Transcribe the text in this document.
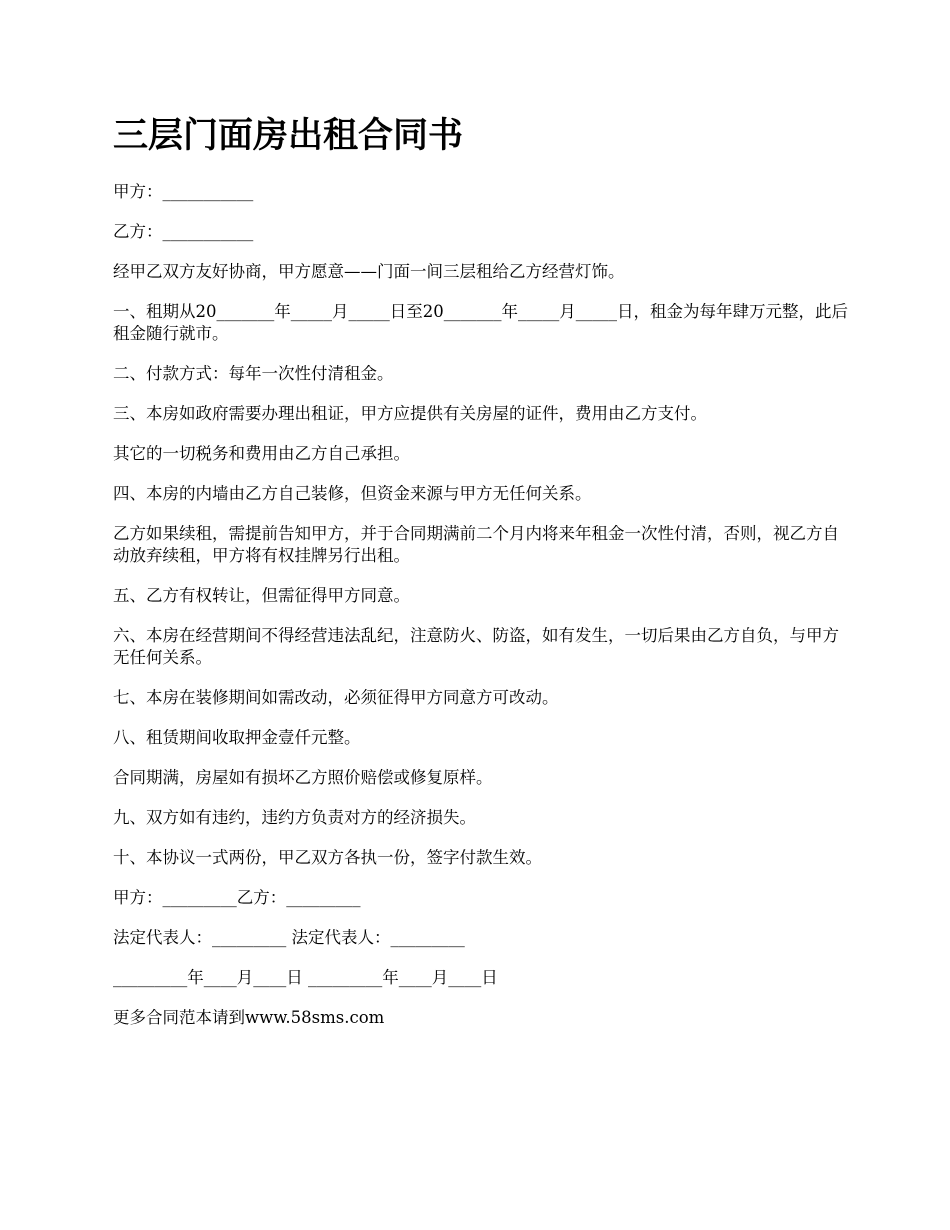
三层门面房出租合同书

甲方：___________

乙方：___________

经甲乙双方友好协商，甲方愿意——门面一间三层租给乙方经营灯饰。

一、租期从20_______年_____月_____日至20_______年_____月_____日，租金为每年肆万元整，此后租金随行就市。

二、付款方式：每年一次性付清租金。

三、本房如政府需要办理出租证，甲方应提供有关房屋的证件，费用由乙方支付。

其它的一切税务和费用由乙方自己承担。

四、本房的内墙由乙方自己装修，但资金来源与甲方无任何关系。

乙方如果续租，需提前告知甲方，并于合同期满前二个月内将来年租金一次性付清，否则，视乙方自动放弃续租，甲方将有权挂牌另行出租。

五、乙方有权转让，但需征得甲方同意。

六、本房在经营期间不得经营违法乱纪，注意防火、防盗，如有发生，一切后果由乙方自负，与甲方无任何关系。

七、本房在装修期间如需改动，必须征得甲方同意方可改动。

八、租赁期间收取押金壹仟元整。

合同期满，房屋如有损坏乙方照价赔偿或修复原样。

九、双方如有违约，违约方负责对方的经济损失。

十、本协议一式两份，甲乙双方各执一份，签字付款生效。

甲方：_________乙方：_________

法定代表人：_________ 法定代表人：_________

_________年____月____日 _________年____月____日

更多合同范本请到www.58sms.com
